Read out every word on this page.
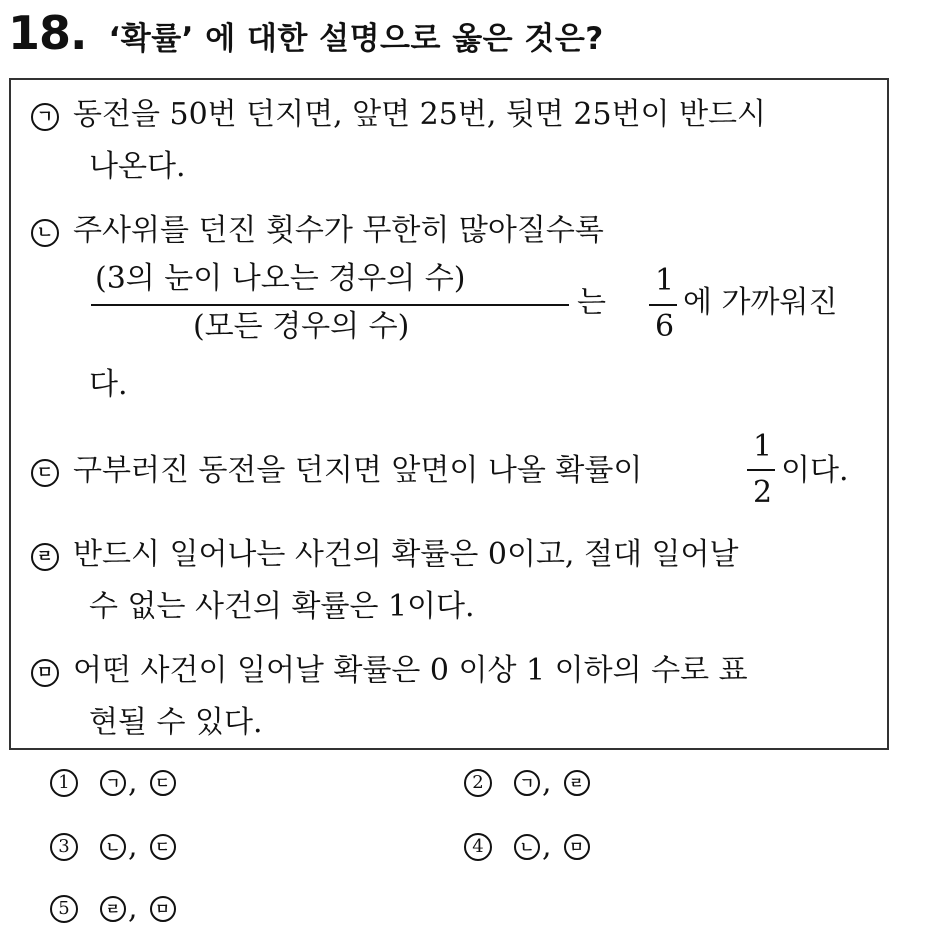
18. ‘확률’ 에 대한 설명으로 옳은 것은?
ㄱ 동전을 50번 던지면, 앞면 25번, 뒷면 25번이 반드시
나온다.
ㄴ 주사위를 던진 횟수가 무한히 많아질수록
(3의 눈이 나오는 경우의 수)
(모든 경우의 수)
는
1
6
에 가까워진
다.
ㄷ 구부러진 동전을 던지면 앞면이 나올 확률이
1
2
이다.
ㄹ 반드시 일어나는 사건의 확률은 0이고, 절대 일어날
수 없는 사건의 확률은 1이다.
ㅁ 어떤 사건이 일어날 확률은 0 이상 1 이하의 수로 표
현될 수 있다.
1	ㄱ ,	ㄷ	2	ㄱ ,	ㄹ
3	ㄴ ,	ㄷ	4	ㄴ ,	ㅁ
5	ㄹ ,	ㅁ
